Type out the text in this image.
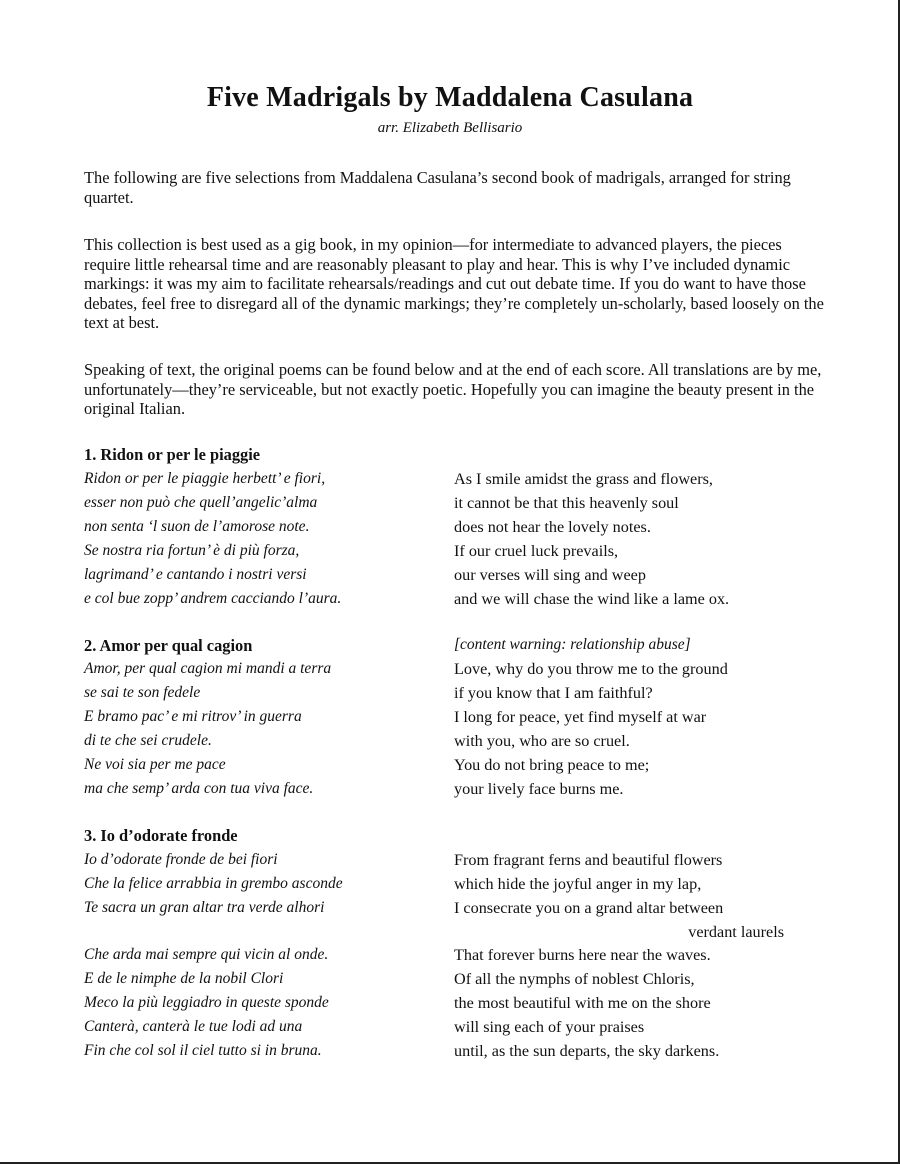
Five Madrigals by Maddalena Casulana
arr. Elizabeth Bellisario

The following are five selections from Maddalena Casulana’s second book of madrigals, arranged for string quartet.

This collection is best used as a gig book, in my opinion—for intermediate to advanced players, the pieces require little rehearsal time and are reasonably pleasant to play and hear. This is why I’ve included dynamic markings: it was my aim to facilitate rehearsals/readings and cut out debate time. If you do want to have those debates, feel free to disregard all of the dynamic markings; they’re completely un-scholarly, based loosely on the text at best.

Speaking of text, the original poems can be found below and at the end of each score. All translations are by me, unfortunately—they’re serviceable, but not exactly poetic. Hopefully you can imagine the beauty present in the original Italian.

1. Ridon or per le piaggie
Ridon or per le piaggie herbett’ e fiori,
esser non può che quell’angelic’alma
non senta ‘l suon de l’amorose note.
Se nostra ria fortun’ è di più forza,
lagrimand’ e cantando i nostri versi
e col bue zopp’ andrem cacciando l’aura.
As I smile amidst the grass and flowers,
it cannot be that this heavenly soul
does not hear the lovely notes.
If our cruel luck prevails,
our verses will sing and weep
and we will chase the wind like a lame ox.
2. Amor per qual cagion	[content warning: relationship abuse]
Amor, per qual cagion mi mandi a terra
se sai te son fedele
E bramo pac’ e mi ritrov’ in guerra
di te che sei crudele.
Ne voi sia per me pace
ma che semp’ arda con tua viva face.
Love, why do you throw me to the ground
if you know that I am faithful?
I long for peace, yet find myself at war
with you, who are so cruel.
You do not bring peace to me;
your lively face burns me.
3. Io d’odorate fronde
Io d’odorate fronde de bei fiori
Che la felice arrabbia in grembo asconde
Te sacra un gran altar tra verde alhori
From fragrant ferns and beautiful flowers
which hide the joyful anger in my lap,
I consecrate you on a grand altar between
verdant laurels
Che arda mai sempre qui vicin al onde.
E de le nimphe de la nobil Clori
Meco la più leggiadro in queste sponde
Canterà, canterà le tue lodi ad una
Fin che col sol il ciel tutto si in bruna.
That forever burns here near the waves.
Of all the nymphs of noblest Chloris,
the most beautiful with me on the shore
will sing each of your praises
until, as the sun departs, the sky darkens.
